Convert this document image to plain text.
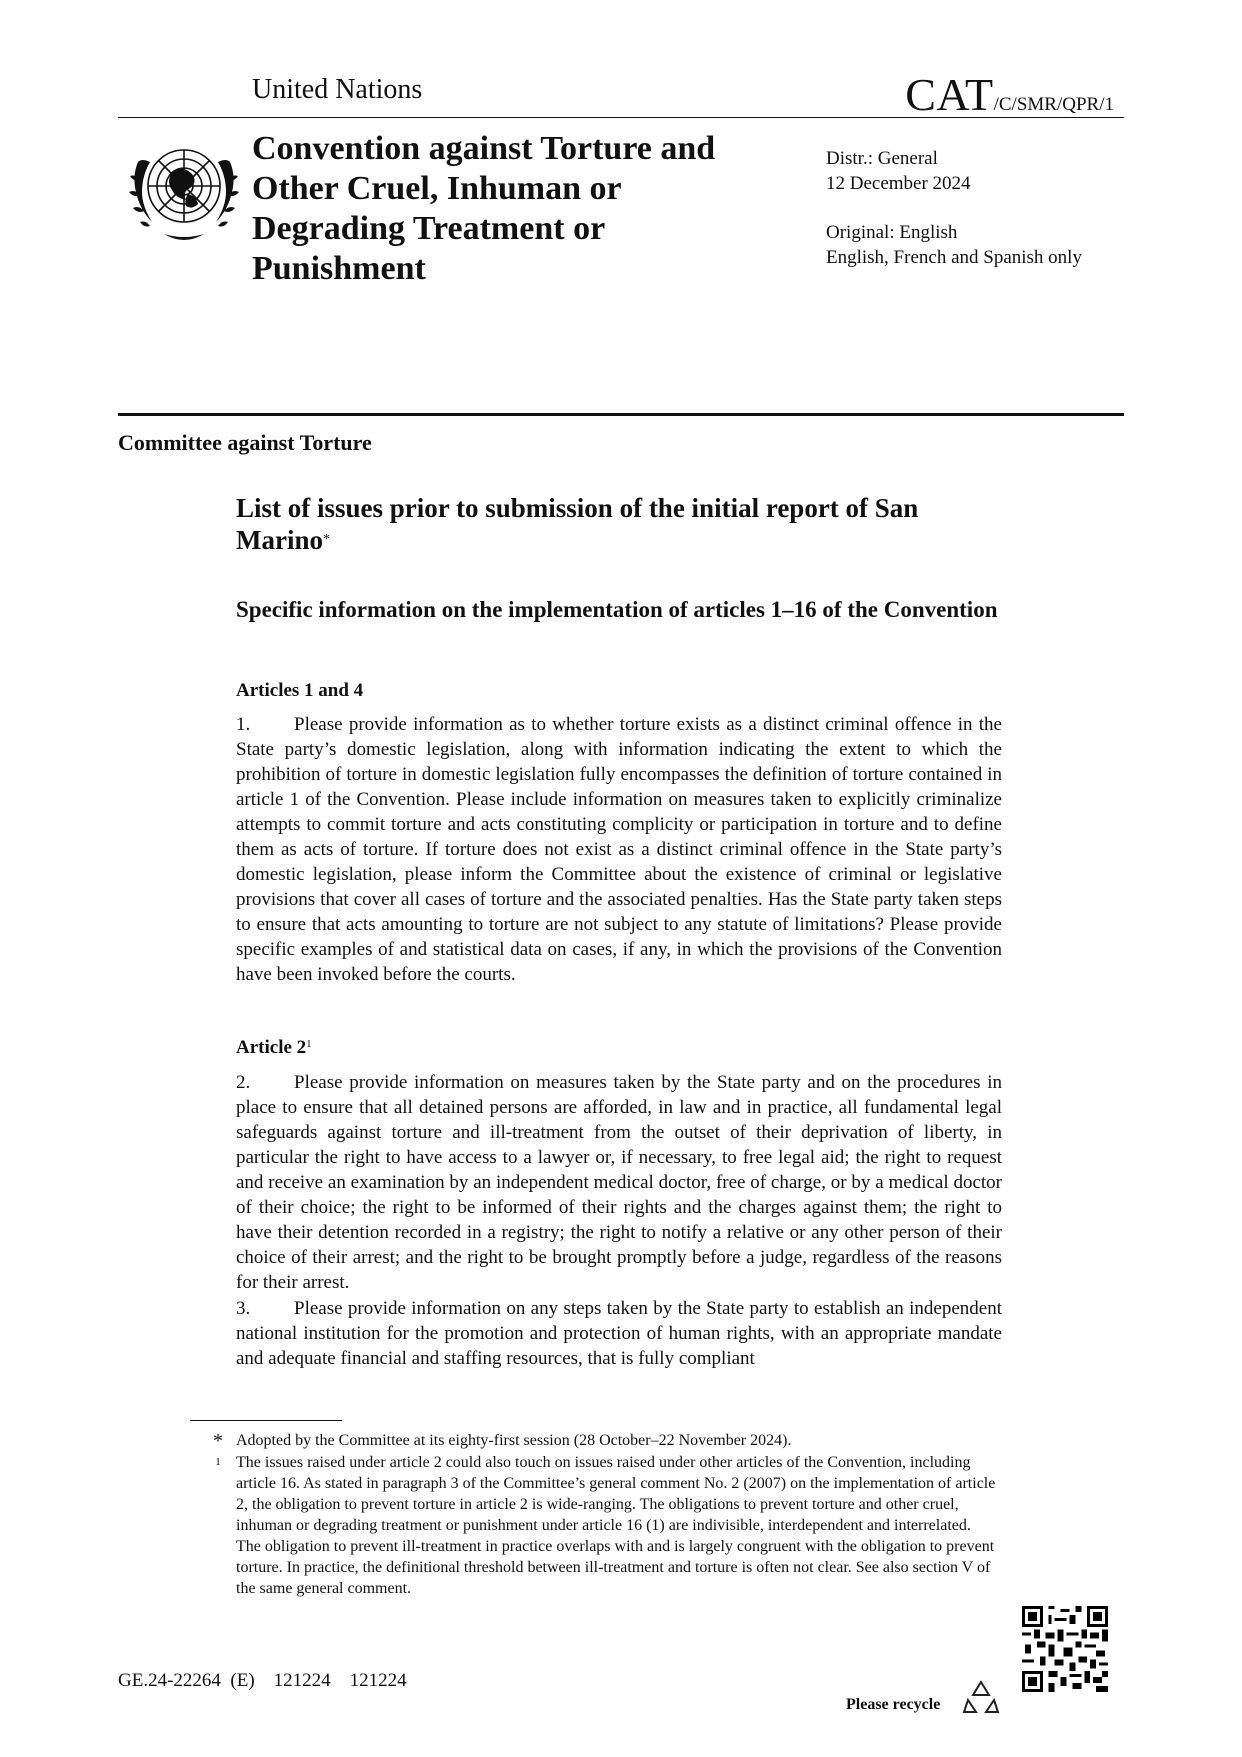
United Nations	CAT/C/SMR/QPR/1
Convention against Torture and Other Cruel, Inhuman or Degrading Treatment or Punishment
Distr.: General
12 December 2024
Original: English
English, French and Spanish only
Committee against Torture
List of issues prior to submission of the initial report of San Marino*
Specific information on the implementation of articles 1–16 of the Convention
Articles 1 and 4
1. Please provide information as to whether torture exists as a distinct criminal offence in the State party’s domestic legislation, along with information indicating the extent to which the prohibition of torture in domestic legislation fully encompasses the definition of torture contained in article 1 of the Convention. Please include information on measures taken to explicitly criminalize attempts to commit torture and acts constituting complicity or participation in torture and to define them as acts of torture. If torture does not exist as a distinct criminal offence in the State party’s domestic legislation, please inform the Committee about the existence of criminal or legislative provisions that cover all cases of torture and the associated penalties. Has the State party taken steps to ensure that acts amounting to torture are not subject to any statute of limitations? Please provide specific examples of and statistical data on cases, if any, in which the provisions of the Convention have been invoked before the courts.
Article $2^1$
2. Please provide information on measures taken by the State party and on the procedures in place to ensure that all detained persons are afforded, in law and in practice, all fundamental legal safeguards against torture and ill-treatment from the outset of their deprivation of liberty, in particular the right to have access to a lawyer or, if necessary, to free legal aid; the right to request and receive an examination by an independent medical doctor, free of charge, or by a medical doctor of their choice; the right to be informed of their rights and the charges against them; the right to have their detention recorded in a registry; the right to notify a relative or any other person of their choice of their arrest; and the right to be brought promptly before a judge, regardless of the reasons for their arrest.
3. Please provide information on any steps taken by the State party to establish an independent national institution for the promotion and protection of human rights, with an appropriate mandate and adequate financial and staffing resources, that is fully compliant
* Adopted by the Committee at its eighty-first session (28 October–22 November 2024).
1 The issues raised under article 2 could also touch on issues raised under other articles of the Convention, including article 16. As stated in paragraph 3 of the Committee’s general comment No. 2 (2007) on the implementation of article 2, the obligation to prevent torture in article 2 is wide-ranging. The obligations to prevent torture and other cruel, inhuman or degrading treatment or punishment under article 16 (1) are indivisible, interdependent and interrelated. The obligation to prevent ill-treatment in practice overlaps with and is largely congruent with the obligation to prevent torture. In practice, the definitional threshold between ill-treatment and torture is often not clear. See also section V of the same general comment.
GE.24-22264  (E)    121224    121224
Please recycle
